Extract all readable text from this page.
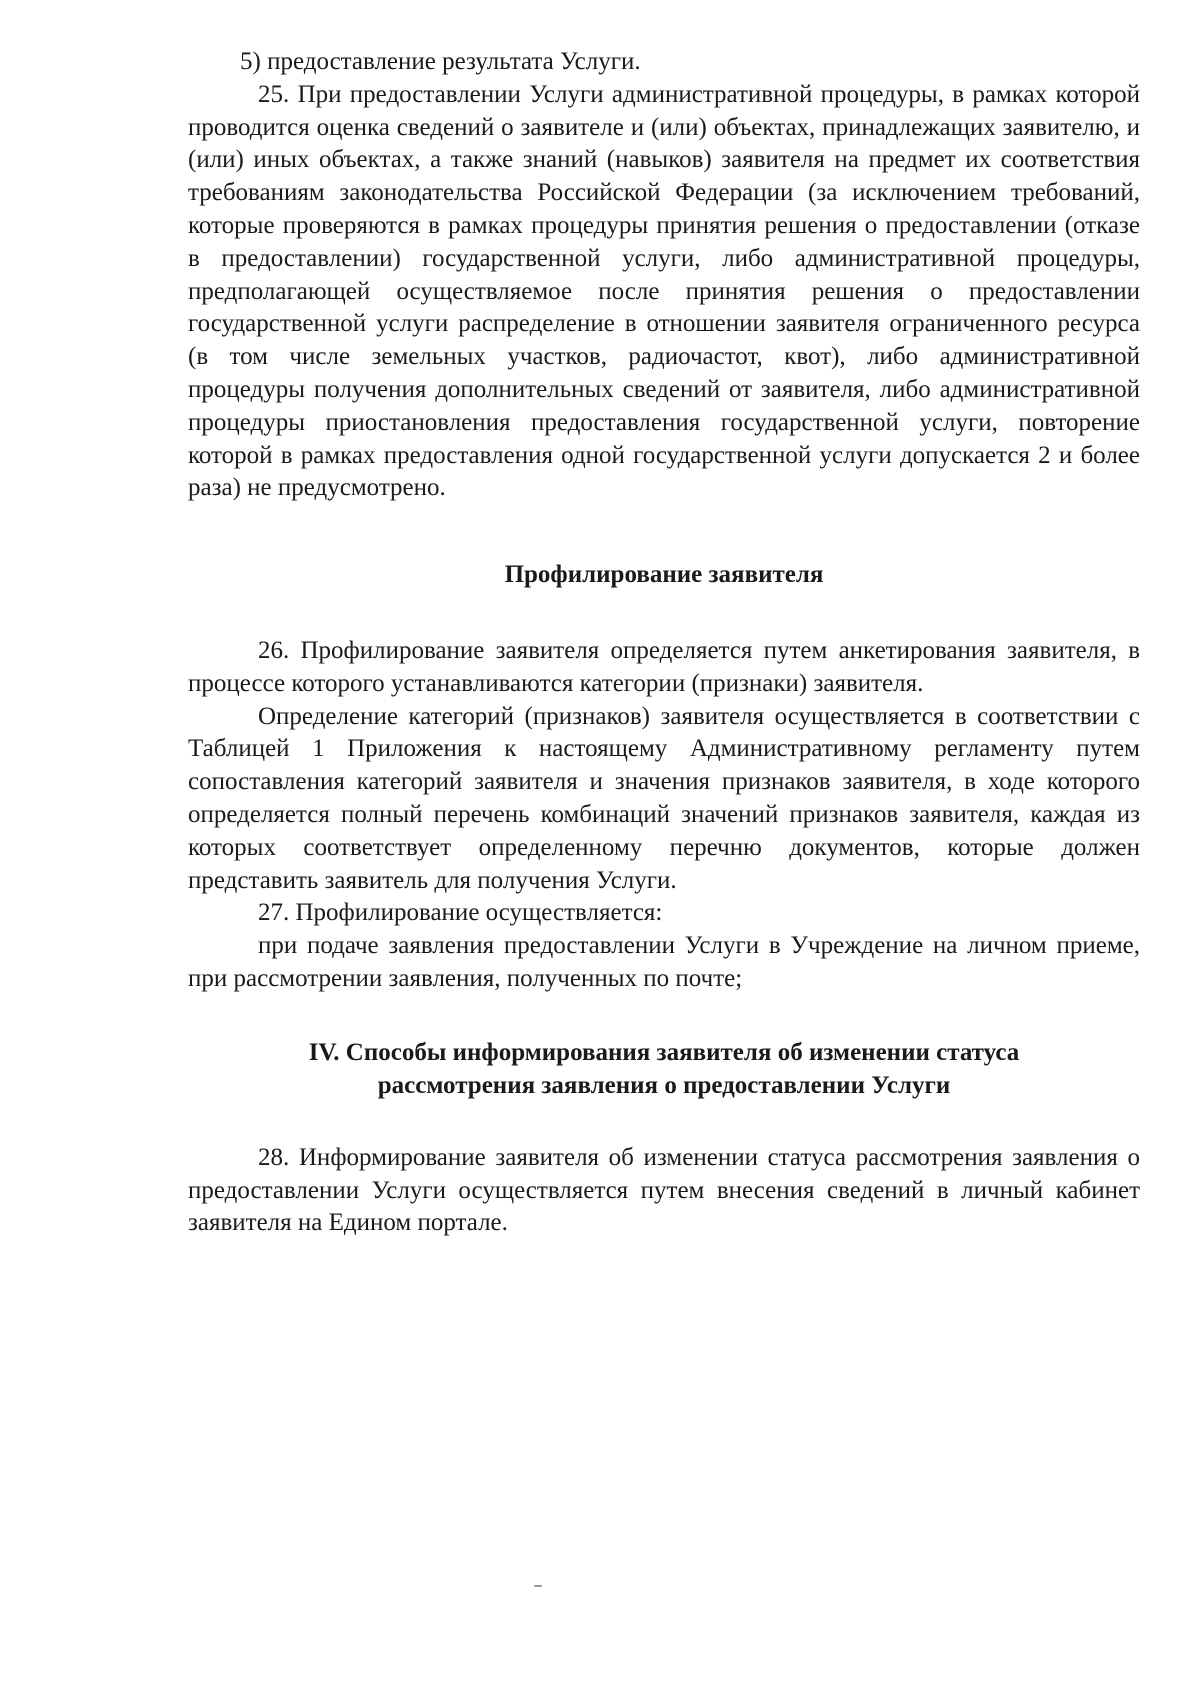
5) предоставление результата Услуги.

25. При предоставлении Услуги административной процедуры, в рамках которой проводится оценка сведений о заявителе и (или) объектах, принадлежащих заявителю, и (или) иных объектах, а также знаний (навыков) заявителя на предмет их соответствия требованиям законодательства Российской Федерации (за исключением требований, которые проверяются в рамках процедуры принятия решения о предоставлении (отказе в предоставлении) государственной услуги, либо административной процедуры, предполагающей осуществляемое после принятия решения о предоставлении государственной услуги распределение в отношении заявителя ограниченного ресурса (в том числе земельных участков, радиочастот, квот), либо административной процедуры получения дополнительных сведений от заявителя, либо административной процедуры приостановления предоставления государственной услуги, повторение которой в рамках предоставления одной государственной услуги допускается 2 и более раза) не предусмотрено.

Профилирование заявителя

26. Профилирование заявителя определяется путем анкетирования заявителя, в процессе которого устанавливаются категории (признаки) заявителя.

Определение категорий (признаков) заявителя осуществляется в соответствии с Таблицей 1 Приложения к настоящему Административному регламенту путем сопоставления категорий заявителя и значения признаков заявителя, в ходе которого определяется полный перечень комбинаций значений признаков заявителя, каждая из которых соответствует определенному перечню документов, которые должен представить заявитель для получения Услуги.

27. Профилирование осуществляется:

при подаче заявления предоставлении Услуги в Учреждение на личном приеме, при рассмотрении заявления, полученных по почте;

IV. Способы информирования заявителя об изменении статуса
рассмотрения заявления о предоставлении Услуги

28. Информирование заявителя об изменении статуса рассмотрения заявления о предоставлении Услуги осуществляется путем внесения сведений в личный кабинет заявителя на Едином портале.
